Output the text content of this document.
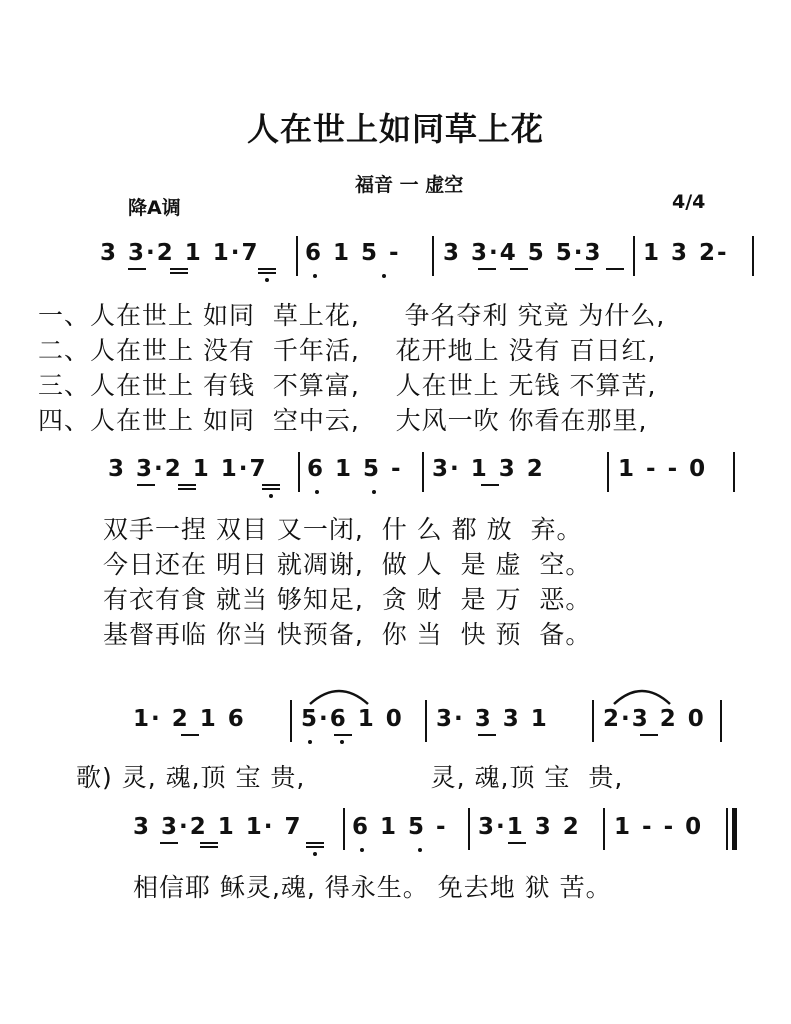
人在世上如同草上花
福音 一 虚空
降A调	4/4
3 3·2 1 1·7 6 1 5 - 3 3·4 5 5·3 1 3 2-
一、人在世上 如同  草上花,     争名夺利 究竟 为什么,
二、人在世上 没有  千年活,    花开地上 没有 百日红,
三、人在世上 有钱  不算富,    人在世上 无钱 不算苦,
四、人在世上 如同  空中云,    大风一吹 你看在那里,
3 3·2 1 1·7 6 1 5 - 3· 1 3 2	1 - - 0
双手一捏 双目 又一闭,  什 么 都 放  弃。
今日还在 明日 就凋谢,  做 人  是 虚  空。
有衣有食 就当 够知足,  贪 财  是 万  恶。
基督再临 你当 快预备,  你 当  快 预  备。
1· 2 1 6 5·6 1 0 3· 3 3 1 2·3 2 0
歌) 灵, 魂,顶 宝 贵,              灵, 魂,顶 宝  贵,
3 3·2 1 1· 7 6 1 5 - 3·1 3 2 1 - - 0
相信耶 稣灵,魂, 得永生。 免去地 狱 苦。
